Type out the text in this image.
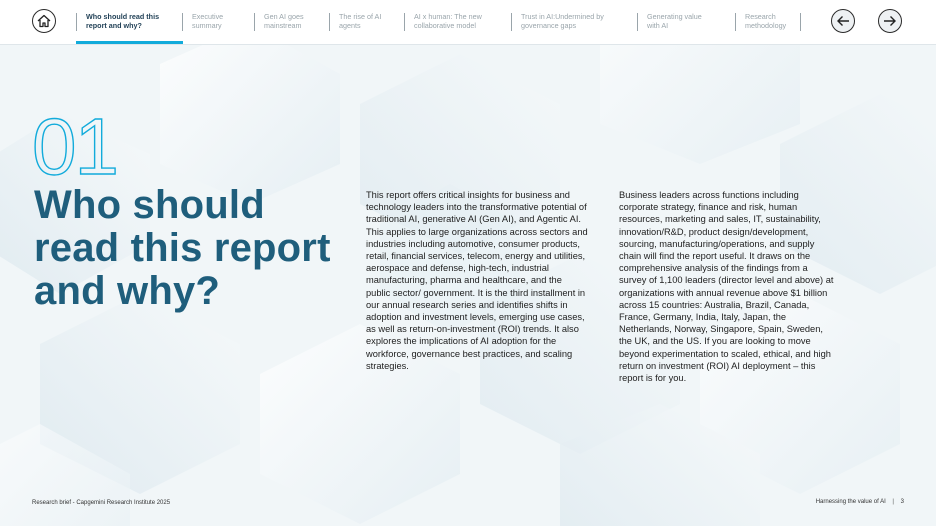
Who should read this
report and why?
Executive
summary
Gen AI goes
mainstream
The rise of AI
agents
AI x human: The new
collaborative model
Trust in AI:Undermined by
governance gaps
Generating value
with AI
Research
methodology
01
Who should read this report and why?
This report offers critical insights for business and technology leaders into the transformative potential of traditional AI, generative AI (Gen AI), and Agentic AI. This applies to large organizations across sectors and industries including automotive, consumer products, retail, financial services, telecom, energy and utilities, aerospace and defense, high-tech, industrial manufacturing, pharma and healthcare, and the public sector/ government. It is the third installment in our annual research series and identifies shifts in adoption and investment levels, emerging use cases, as well as return-on-investment (ROI) trends. It also explores the implications of AI adoption for the workforce, governance best practices, and scaling strategies.
Business leaders across functions including corporate strategy, finance and risk, human resources, marketing and sales, IT, sustainability, innovation/R&D, product design/development, sourcing, manufacturing/operations, and supply chain will find the report useful. It draws on the comprehensive analysis of the findings from a survey of 1,100 leaders (director level and above) at organizations with annual revenue above $1 billion across 15 countries: Australia, Brazil, Canada, France, Germany, India, Italy, Japan, the Netherlands, Norway, Singapore, Spain, Sweden, the UK, and the US. If you are looking to move beyond experimentation to scaled, ethical, and high return on investment (ROI) AI deployment – this report is for you.
Research brief - Capgemini Research Institute 2025	Harnessing the value of AI | 3
